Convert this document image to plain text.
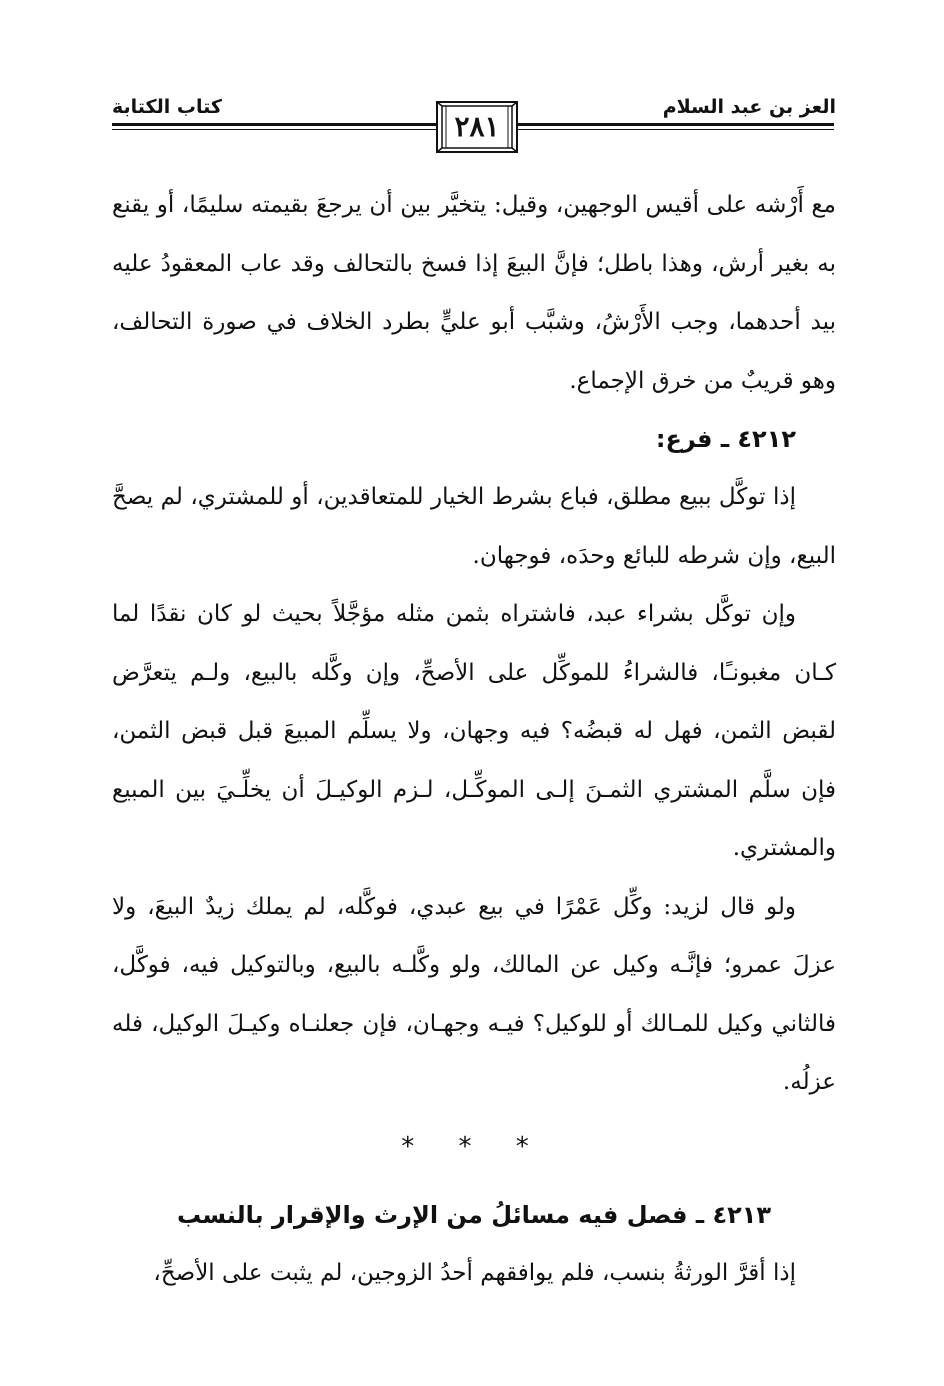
العز بن عبد السلام
كتاب الكتابة
٢٨١

مع أَرْشه على أقيس الوجهين، وقيل: يتخيَّر بين أن يرجعَ بقيمته سليمًا، أو يقنع به بغير أرش، وهذا باطل؛ فإنَّ البيعَ إذا فسخ بالتحالف وقد عاب المعقودُ عليه بيد أحدهما، وجب الأَرْشُ، وشبَّب أبو عليٍّ بطرد الخلاف في صورة التحالف، وهو قريبٌ من خرق الإجماع.

٤٢١٢ ـ فرع:

إذا توكَّل ببيع مطلق، فباع بشرط الخيار للمتعاقدين، أو للمشتري، لم يصحَّ البيع، وإن شرطه للبائع وحدَه، فوجهان.

وإن توكَّل بشراء عبد، فاشتراه بثمن مثله مؤجَّلاً بحيث لو كان نقدًا لما كـان مغبونـًا، فالشراءُ للموكِّل على الأصحِّ، وإن وكَّله بالبيع، ولـم يتعرَّض لقبض الثمن، فهل له قبضُه؟ فيه وجهان، ولا يسلِّم المبيعَ قبل قبض الثمن، فإن سلَّم المشتري الثمـنَ إلـى الموكِّـل، لـزم الوكيـلَ أن يخلِّـيَ بين المبيع والمشتري.

ولو قال لزيد: وكِّل عَمْرًا في بيع عبدي، فوكَّله، لم يملك زيدٌ البيعَ، ولا عزلَ عمرو؛ فإنَّـه وكيل عن المالك، ولو وكَّلـه بالبيع، وبالتوكيل فيه، فوكَّل، فالثاني وكيل للمـالك أو للوكيل؟ فيـه وجهـان، فإن جعلنـاه وكيـلَ الوكيل، فله عزلُه.

* * *

٤٢١٣ ـ فصل فيه مسائلُ من الإرث والإقرار بالنسب

إذا أقرَّ الورثةُ بنسب، فلم يوافقهم أحدُ الزوجين، لم يثبت على الأصحِّ،
